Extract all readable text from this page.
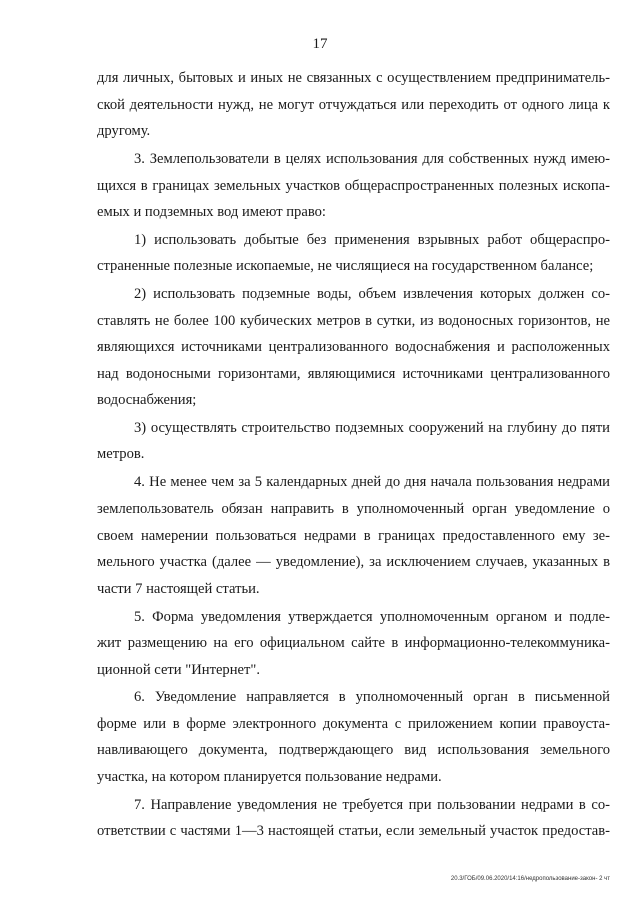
17
для личных, бытовых и иных не связанных с осуществлением предприниматель-
ской деятельности нужд, не могут отчуждаться или переходить от одного лица к
другому.
3. Землепользователи в целях использования для собственных нужд имею-
щихся в границах земельных участков общераспространенных полезных ископа-
емых и подземных вод имеют право:
1) использовать добытые без применения взрывных работ общераспро-
страненные полезные ископаемые, не числящиеся на государственном балансе;
2) использовать подземные воды, объем извлечения которых должен со-
ставлять не более 100 кубических метров в сутки, из водоносных горизонтов, не
являющихся источниками централизованного водоснабжения и расположенных
над водоносными горизонтами, являющимися источниками централизованного
водоснабжения;
3) осуществлять строительство подземных сооружений на глубину до пяти
метров.
4. Не менее чем за 5 календарных дней до дня начала пользования недрами
землепользователь обязан направить в уполномоченный орган уведомление о
своем намерении пользоваться недрами в границах предоставленного ему зе-
мельного участка (далее — уведомление), за исключением случаев, указанных в
части 7 настоящей статьи.
5. Форма уведомления утверждается уполномоченным органом и подле-
жит размещению на его официальном сайте в информационно-телекоммуника-
ционной сети "Интернет".
6. Уведомление направляется в уполномоченный орган в письменной
форме или в форме электронного документа с приложением копии правоуста-
навливающего документа, подтверждающего вид использования земельного
участка, на котором планируется пользование недрами.
7. Направление уведомления не требуется при пользовании недрами в со-
ответствии с частями 1—3 настоящей статьи, если земельный участок предостав-
20.3/ГОБ/09.06.2020/14:16/недропользование-закон- 2 чт
